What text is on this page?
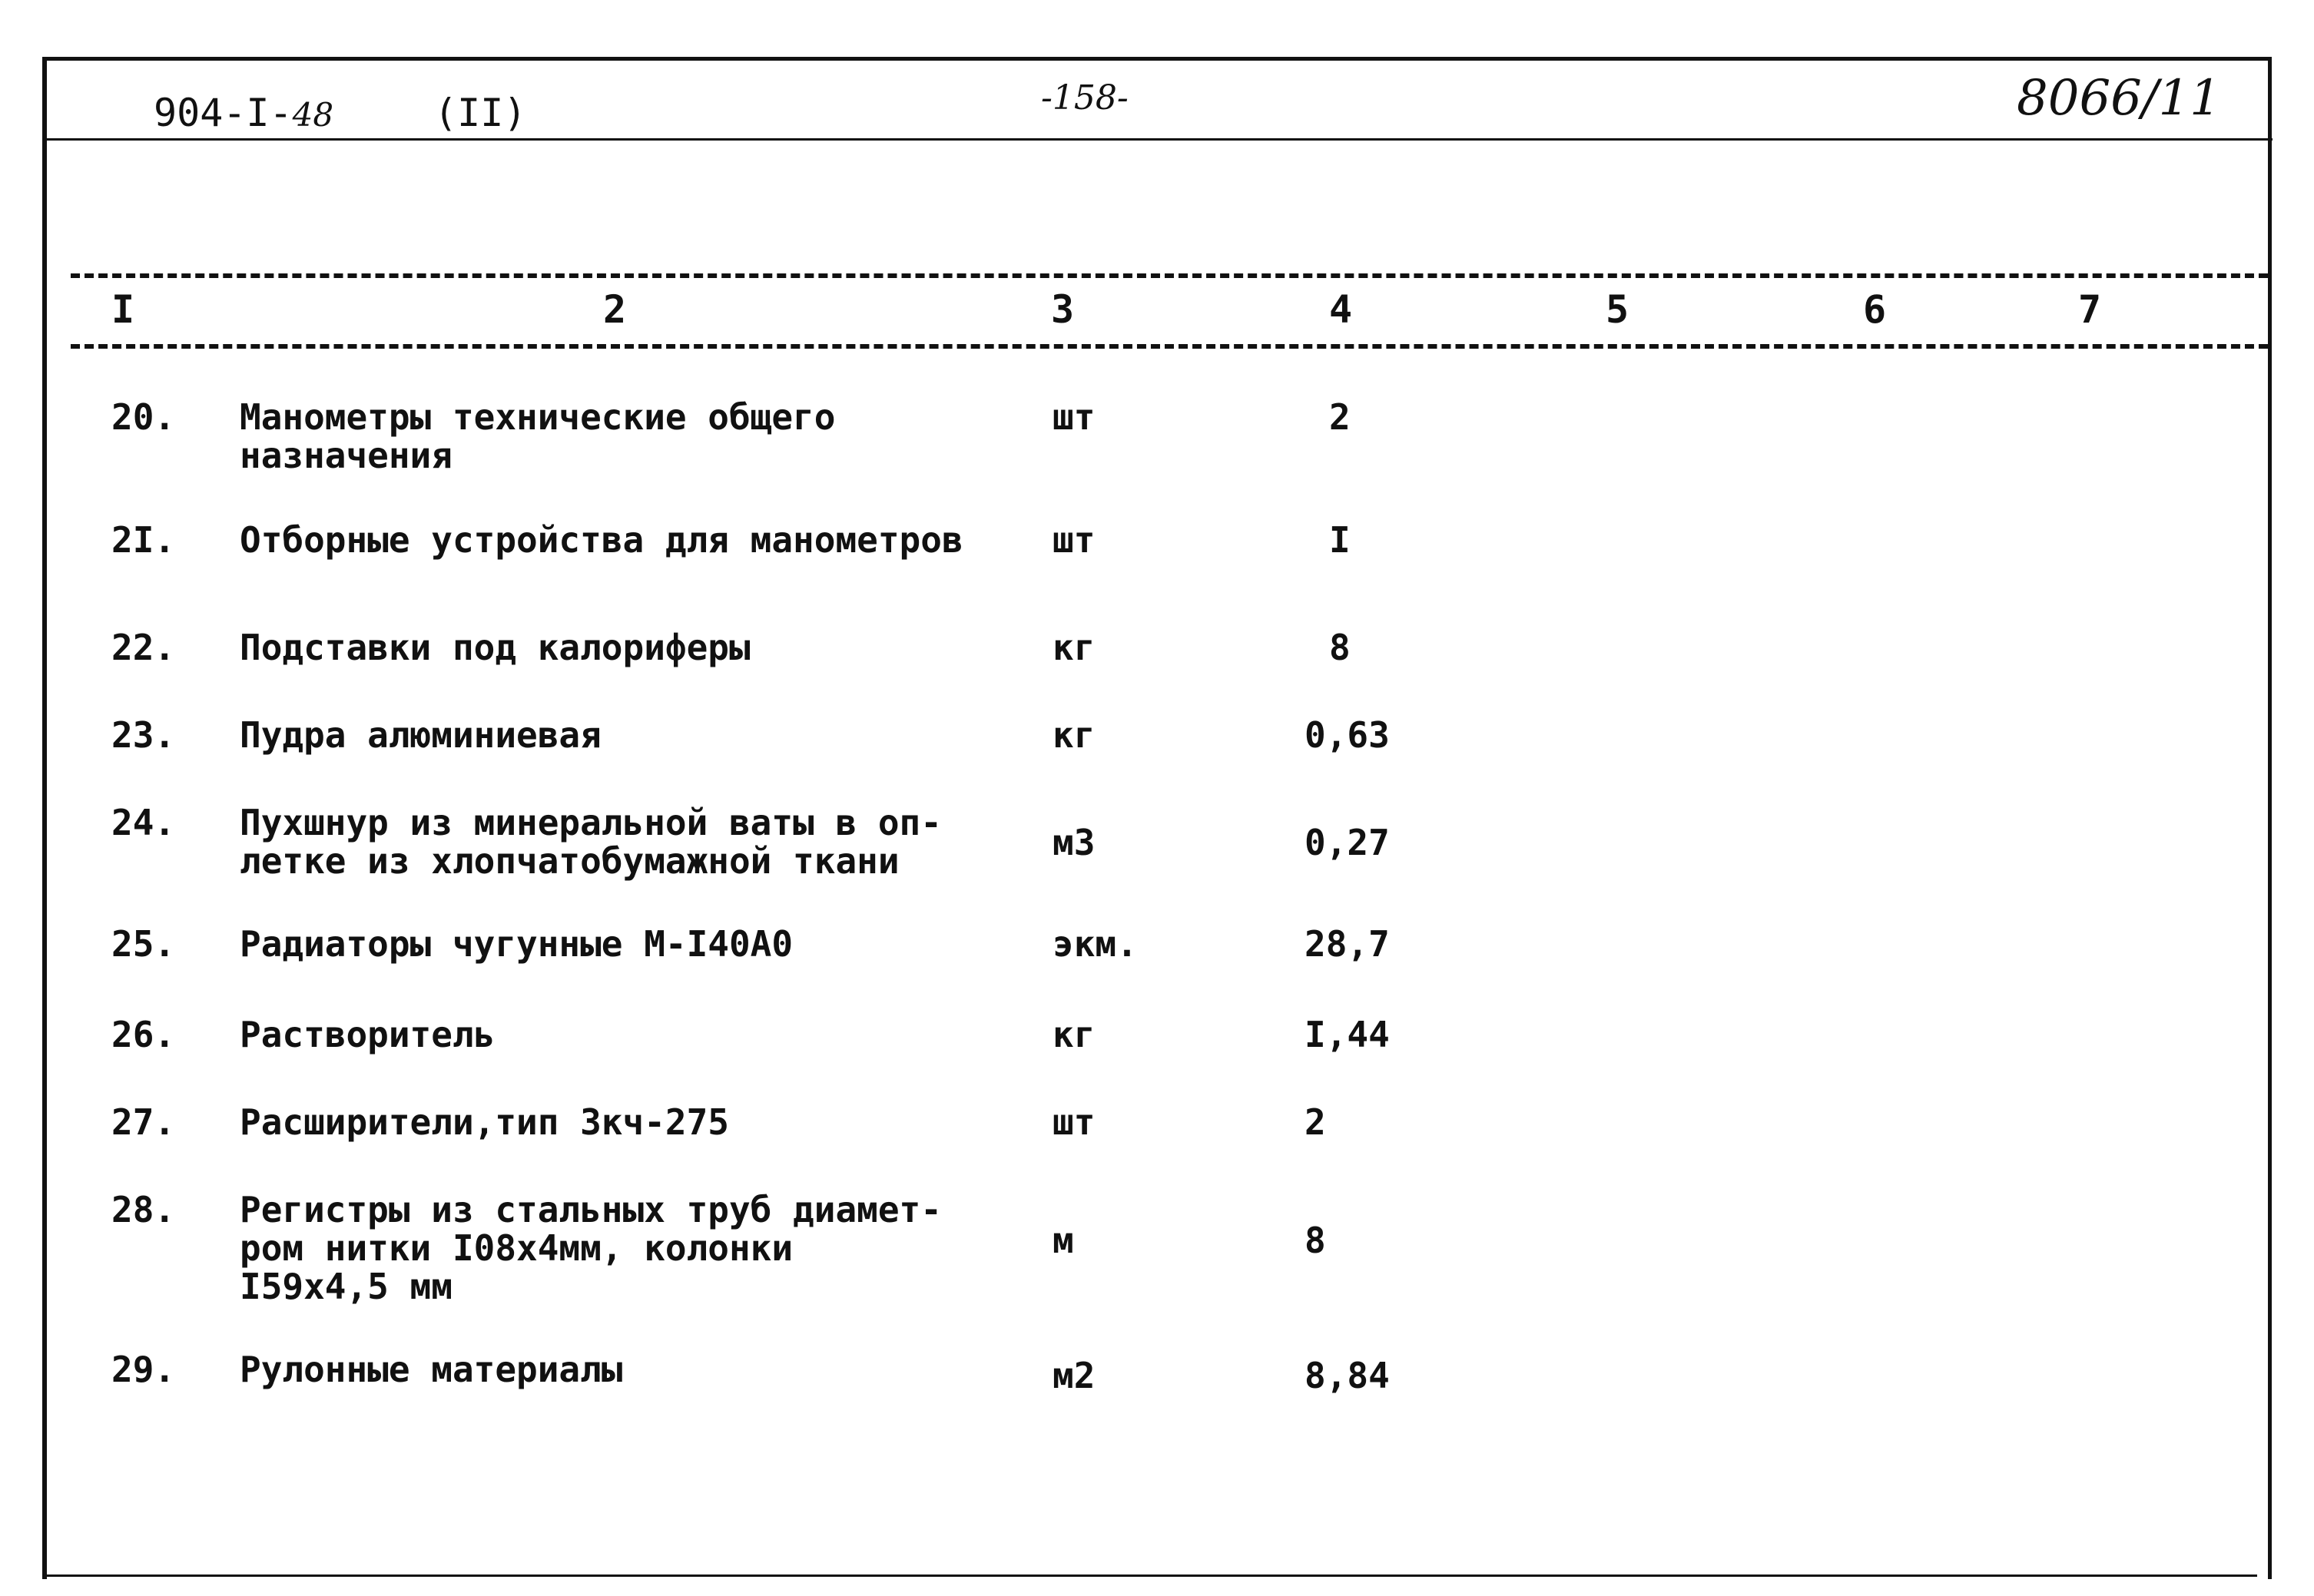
904-I-48	(II)	-158-	8066/11
I	2	3	4	5	6	7
20. Манометры технические общего
назначения
шт	2
2I. Отборные устройства для манометров	шт	I
22. Подставки под калориферы	кг	8
23. Пудра алюминиевая	кг	0,63
24. Пухшнур из минеральной ваты в оп-
летке из хлопчатобумажной ткани	м3	0,27
25. Радиаторы чугунные М-I40А0	экм.	28,7
26. Растворитель	кг	I,44
27. Расширители,тип Зкч-275	шт	2
28. Регистры из стальных труб диамет-
ром нитки I08х4мм, колонки
I59х4,5 мм
м	8
29. Рулонные материалы	м2	8,84
